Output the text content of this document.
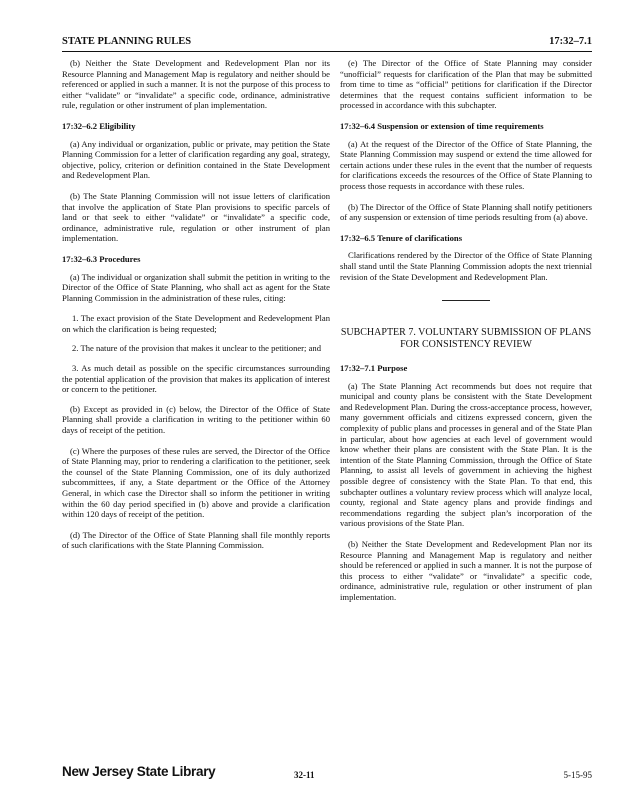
STATE PLANNING RULES	17:32–7.1

(b) Neither the State Development and Redevelopment Plan nor its Resource Planning and Management Map is regulatory and neither should be referenced or applied in such a manner. It is not the purpose of this process to either “validate” or “invalidate” a specific code, ordinance, administrative rule, regulation or other instrument of plan implementation.

17:32–6.2 Eligibility

(a) Any individual or organization, public or private, may petition the State Planning Commission for a letter of clarification regarding any goal, strategy, objective, policy, criterion or definition contained in the State Development and Redevelopment Plan.

(b) The State Planning Commission will not issue letters of clarification that involve the application of State Plan provisions to specific parcels of land or that seek to either “validate” or “invalidate” a specific code, ordinance, administrative rule, regulation or other instrument of plan implementation.

17:32–6.3 Procedures

(a) The individual or organization shall submit the petition in writing to the Director of the Office of State Planning, who shall act as agent for the State Planning Commission in the administration of these rules, citing:

1. The exact provision of the State Development and Redevelopment Plan on which the clarification is being requested;

2. The nature of the provision that makes it unclear to the petitioner; and

3. As much detail as possible on the specific circumstances surrounding the potential application of the provision that makes its application of interest or concern to the petitioner.

(b) Except as provided in (c) below, the Director of the Office of State Planning shall provide a clarification in writing to the petitioner within 60 days of receipt of the petition.

(c) Where the purposes of these rules are served, the Director of the Office of State Planning may, prior to rendering a clarification to the petitioner, seek the counsel of the State Planning Commission, one of its duly authorized subcommittees, if any, a State department or the Office of the Attorney General, in which case the Director shall so inform the petitioner in writing within the 60 day period specified in (b) above and provide a clarification within 120 days of receipt of the petition.

(d) The Director of the Office of State Planning shall file monthly reports of such clarifications with the State Planning Commission.

(e) The Director of the Office of State Planning may consider “unofficial” requests for clarification of the Plan that may be submitted from time to time as “official” petitions for clarification if the Director determines that the request contains sufficient information to be processed in accordance with this subchapter.

17:32–6.4 Suspension or extension of time requirements

(a) At the request of the Director of the Office of State Planning, the State Planning Commission may suspend or extend the time allowed for certain actions under these rules in the event that the number of requests for clarifications exceeds the resources of the Office of State Planning to process those requests in accordance with these rules.

(b) The Director of the Office of State Planning shall notify petitioners of any suspension or extension of time periods resulting from (a) above.

17:32–6.5 Tenure of clarifications

Clarifications rendered by the Director of the Office of State Planning shall stand until the State Planning Commission adopts the next triennial revision of the State Development and Redevelopment Plan.

SUBCHAPTER 7. VOLUNTARY SUBMISSION OF PLANS FOR CONSISTENCY REVIEW

17:32–7.1 Purpose

(a) The State Planning Act recommends but does not require that municipal and county plans be consistent with the State Development and Redevelopment Plan. During the cross-acceptance process, however, many government officials and citizens expressed concern, given the complexity of public plans and processes in general and of the State Plan in particular, about how agencies at each level of government would know whether their plans are consistent with the State Plan. It is the intention of the State Planning Commission, through the Office of State Planning, to assist all levels of government in achieving the highest possible degree of consistency with the State Plan. To that end, this subchapter outlines a voluntary review process which will analyze local, county, regional and State agency plans and provide findings and recommendations regarding the subject plan’s incorporation of the various provisions of the State Plan.

(b) Neither the State Development and Redevelopment Plan nor its Resource Planning and Management Map is regulatory and neither should be referenced or applied in such a manner. It is not the purpose of this process to either “validate” or “invalidate” a specific code, ordinance, administrative rule, regulation or other instrument of plan implementation.

New Jersey State Library	32-11	5-15-95
